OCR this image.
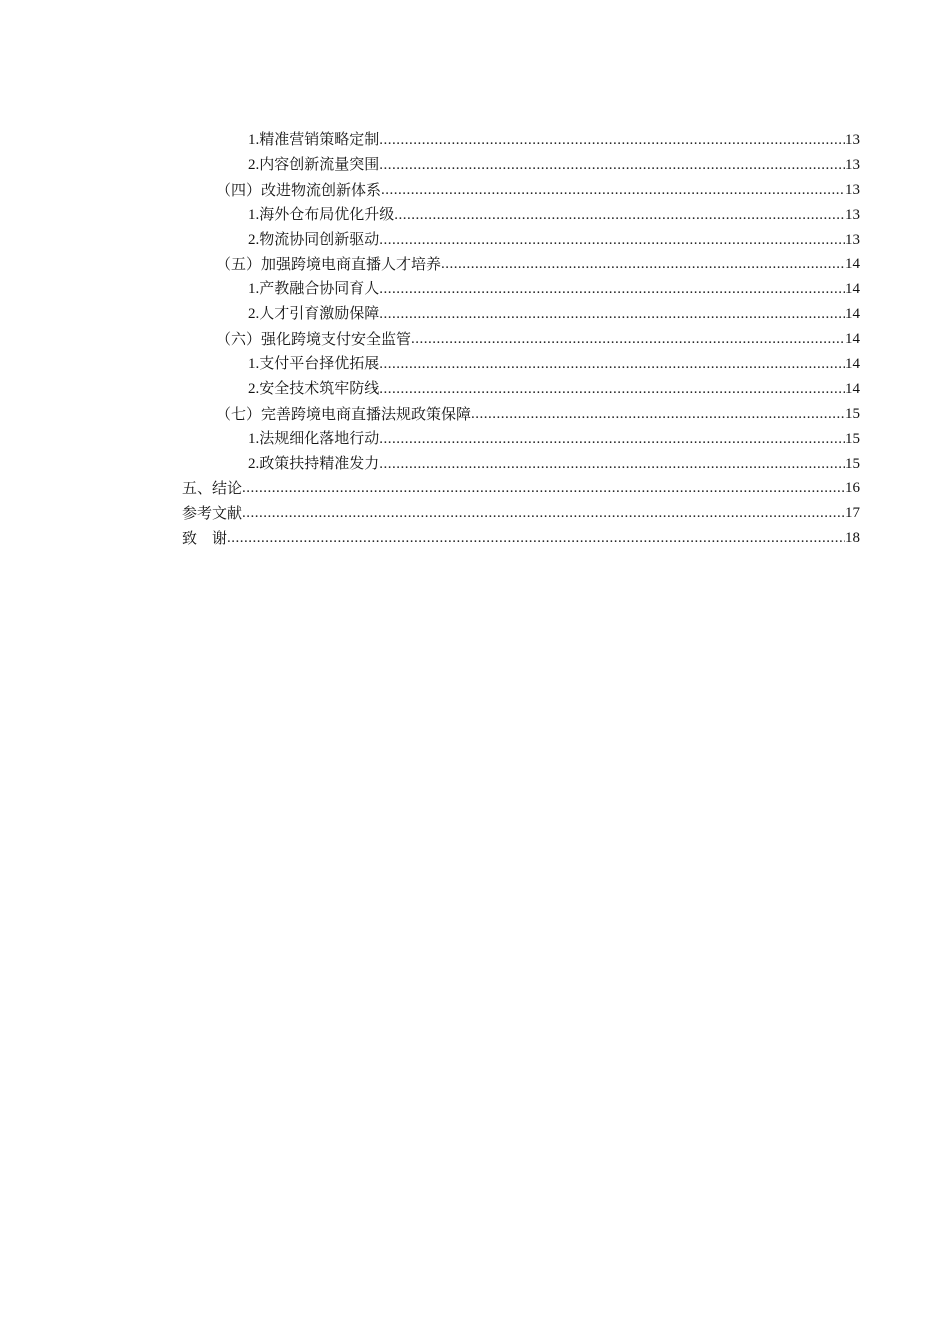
1.精准营销策略定制 .....	13
2.内容创新流量突围 .....	13
（四）改进物流创新体系 .....	13
1.海外仓布局优化升级 .....	13
2.物流协同创新驱动 .....	13
（五）加强跨境电商直播人才培养 .....	14
1.产教融合协同育人 .....	14
2.人才引育激励保障 .....	14
（六）强化跨境支付安全监管 .....	14
1.支付平台择优拓展 .....	14
2.安全技术筑牢防线 .....	14
（七）完善跨境电商直播法规政策保障 .....	15
1.法规细化落地行动 .....	15
2.政策扶持精准发力 .....	15
五、结论 .....	16
参考文献 .....	17
致　谢 .....	18
